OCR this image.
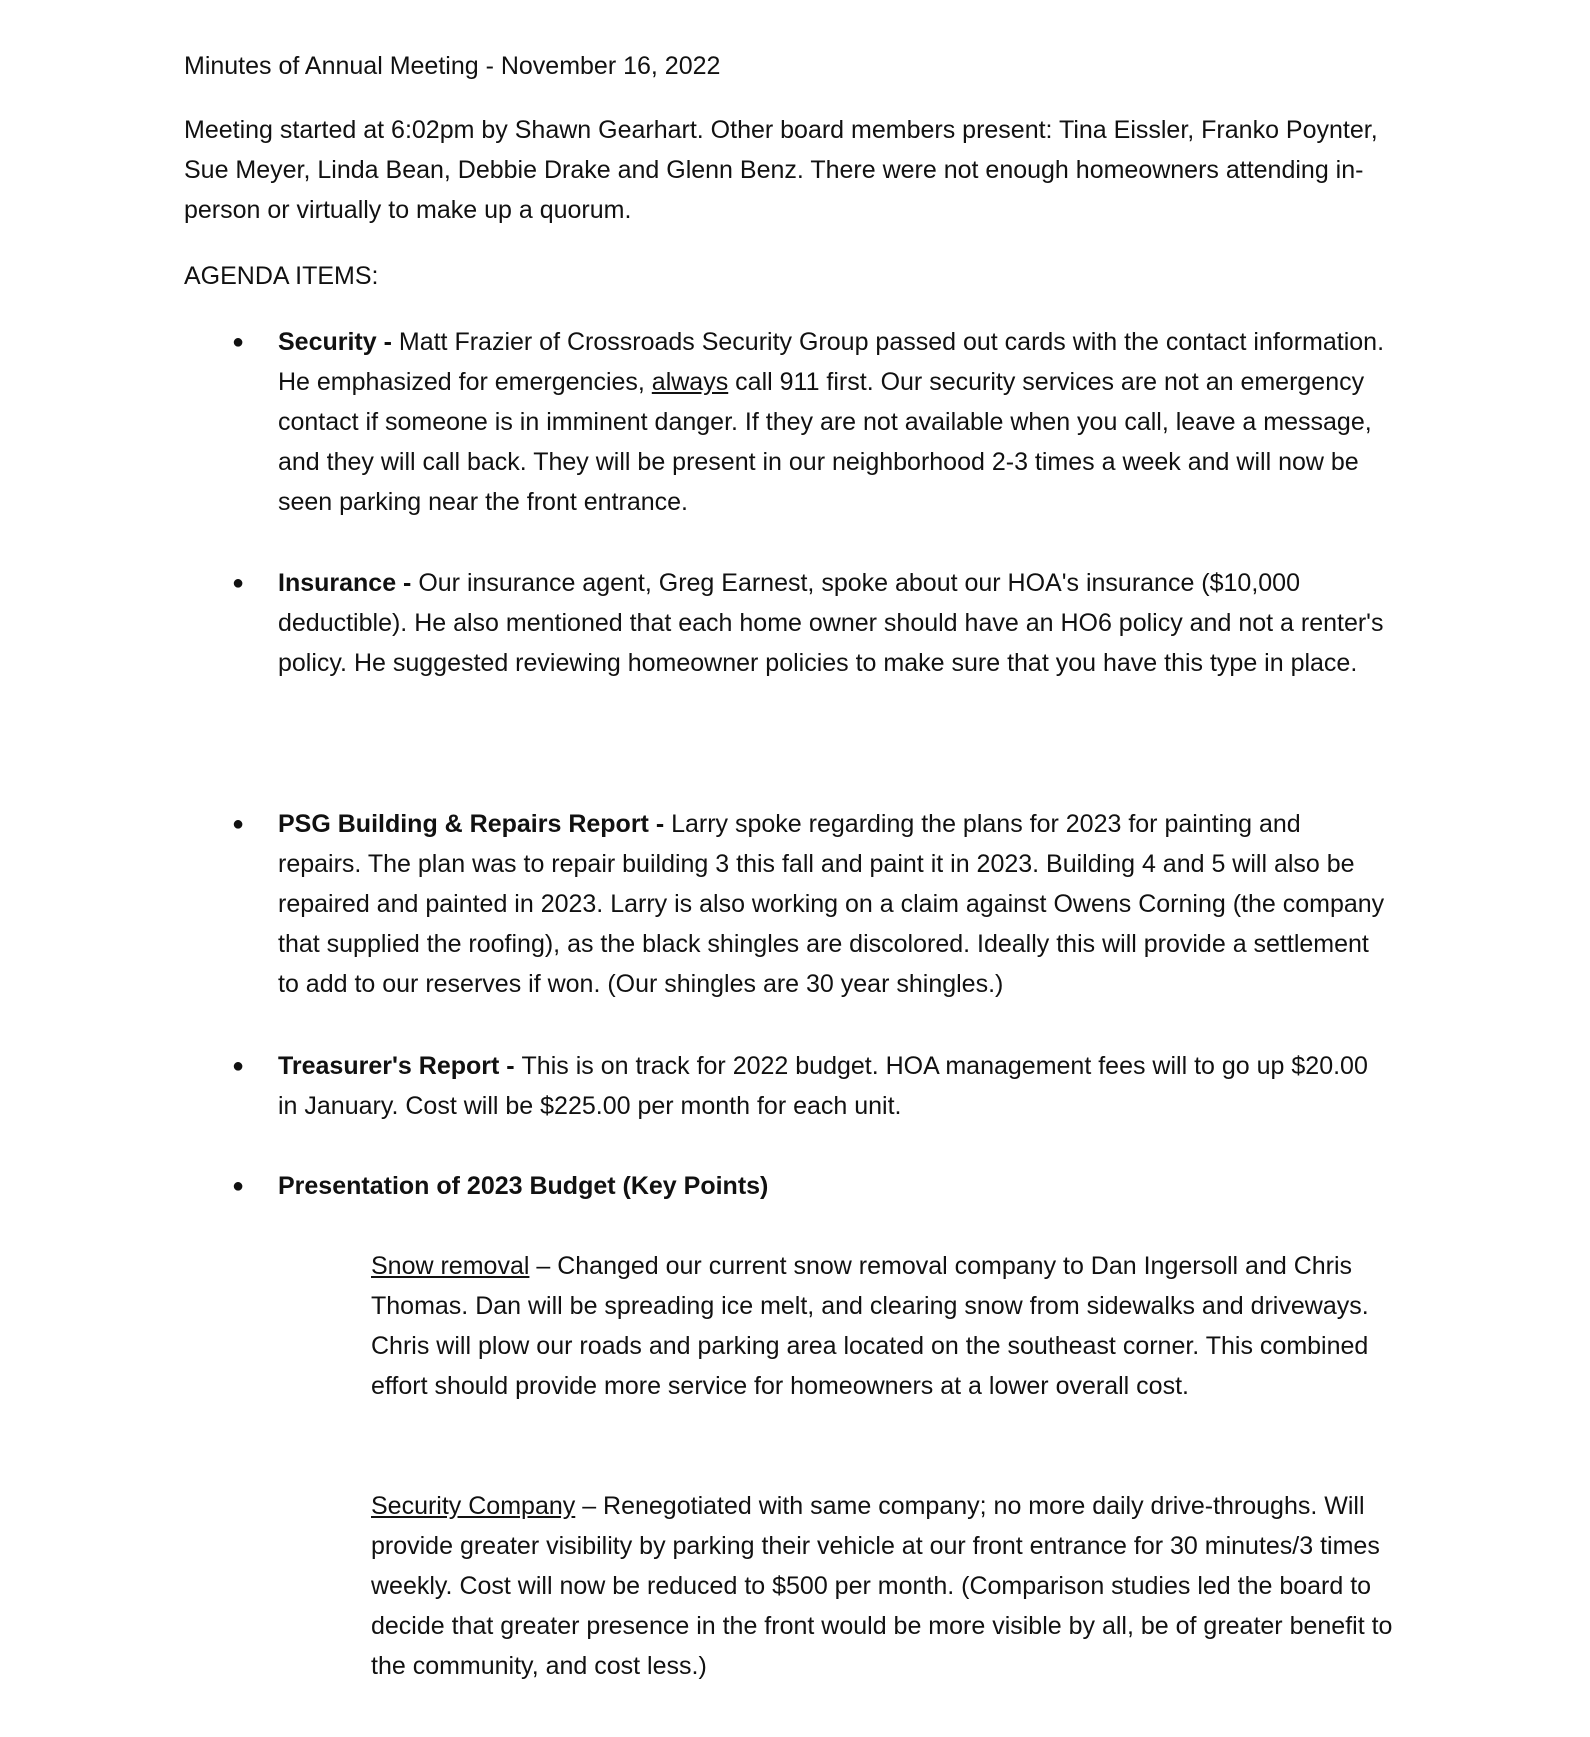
Minutes of Annual Meeting - November 16, 2022

Meeting started at 6:02pm by Shawn Gearhart. Other board members present: Tina Eissler, Franko Poynter, Sue Meyer, Linda Bean, Debbie Drake and Glenn Benz. There were not enough homeowners attending in-person or virtually to make up a quorum.

AGENDA ITEMS:

● Security - Matt Frazier of Crossroads Security Group passed out cards with the contact information. He emphasized for emergencies, always call 911 first. Our security services are not an emergency contact if someone is in imminent danger. If they are not available when you call, leave a message, and they will call back. They will be present in our neighborhood 2-3 times a week and will now be seen parking near the front entrance.

● Insurance - Our insurance agent, Greg Earnest, spoke about our HOA's insurance ($10,000 deductible). He also mentioned that each home owner should have an HO6 policy and not a renter's policy. He suggested reviewing homeowner policies to make sure that you have this type in place.

● PSG Building & Repairs Report - Larry spoke regarding the plans for 2023 for painting and repairs. The plan was to repair building 3 this fall and paint it in 2023. Building 4 and 5 will also be repaired and painted in 2023. Larry is also working on a claim against Owens Corning (the company that supplied the roofing), as the black shingles are discolored. Ideally this will provide a settlement to add to our reserves if won. (Our shingles are 30 year shingles.)

● Treasurer's Report - This is on track for 2022 budget. HOA management fees will to go up $20.00 in January. Cost will be $225.00 per month for each unit.

● Presentation of 2023 Budget (Key Points)

Snow removal – Changed our current snow removal company to Dan Ingersoll and Chris Thomas. Dan will be spreading ice melt, and clearing snow from sidewalks and driveways. Chris will plow our roads and parking area located on the southeast corner. This combined effort should provide more service for homeowners at a lower overall cost.

Security Company – Renegotiated with same company; no more daily drive-throughs. Will provide greater visibility by parking their vehicle at our front entrance for 30 minutes/3 times weekly. Cost will now be reduced to $500 per month. (Comparison studies led the board to decide that greater presence in the front would be more visible by all, be of greater benefit to the community, and cost less.)
